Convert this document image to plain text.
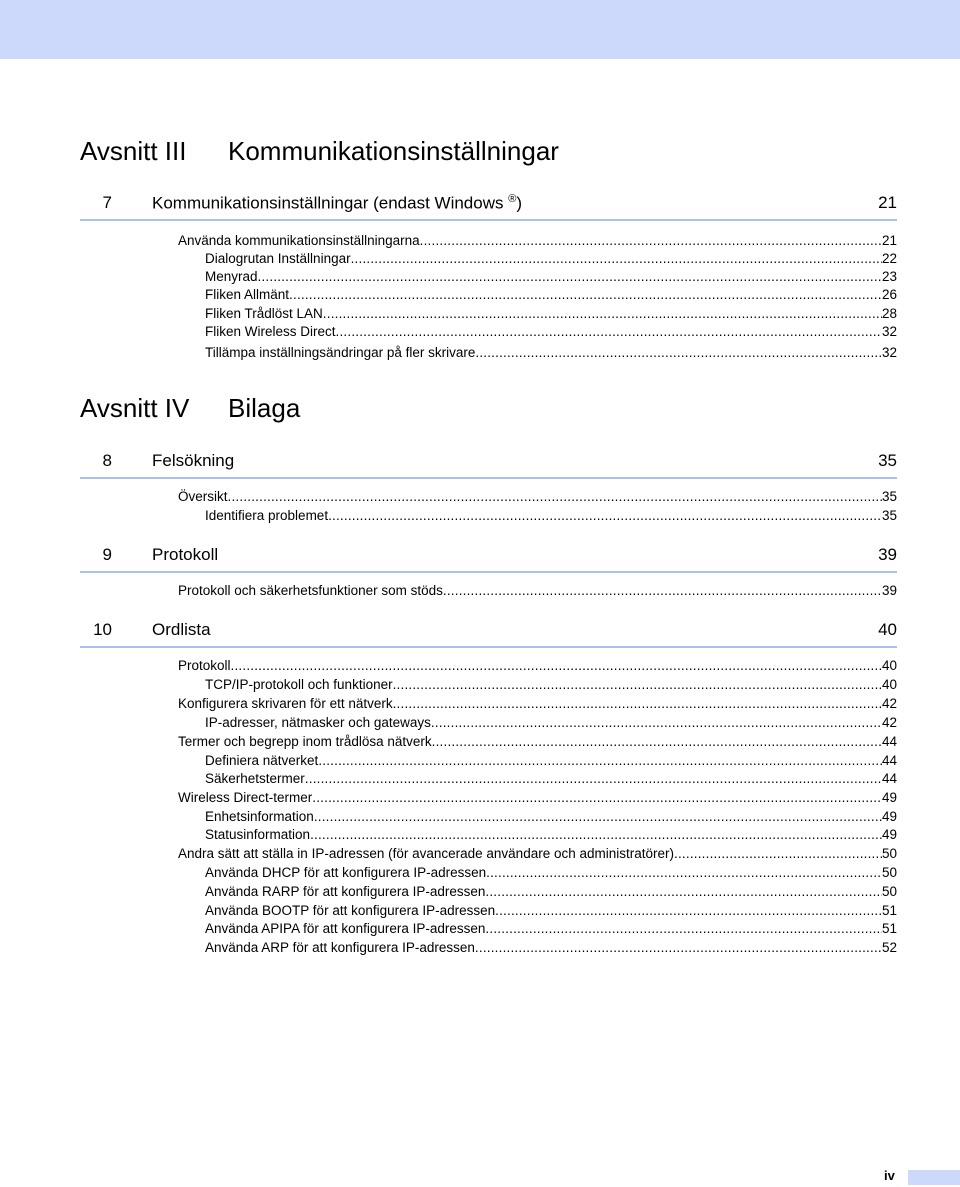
Avsnitt III Kommunikationsinställningar
7 Kommunikationsinställningar (endast Windows ®)	21
Använda kommunikationsinställningarna .....	21
Dialogrutan Inställningar .....	22
Menyrad .....	23
Fliken Allmänt .....	26
Fliken Trådlöst LAN .....	28
Fliken Wireless Direct .....	32
Tillämpa inställningsändringar på fler skrivare .....	32
Avsnitt IV Bilaga
8 Felsökning	35
Översikt .....	35
Identifiera problemet .....	35
9 Protokoll	39
Protokoll och säkerhetsfunktioner som stöds .....	39
10 Ordlista	40
Protokoll .....	40
TCP/IP-protokoll och funktioner .....	40
Konfigurera skrivaren för ett nätverk .....	42
IP-adresser, nätmasker och gateways .....	42
Termer och begrepp inom trådlösa nätverk .....	44
Definiera nätverket .....	44
Säkerhetstermer .....	44
Wireless Direct-termer .....	49
Enhetsinformation .....	49
Statusinformation .....	49
Andra sätt att ställa in IP-adressen (för avancerade användare och administratörer) .....	50
Använda DHCP för att konfigurera IP-adressen .....	50
Använda RARP för att konfigurera IP-adressen .....	50
Använda BOOTP för att konfigurera IP-adressen .....	51
Använda APIPA för att konfigurera IP-adressen .....	51
Använda ARP för att konfigurera IP-adressen .....	52
iv
